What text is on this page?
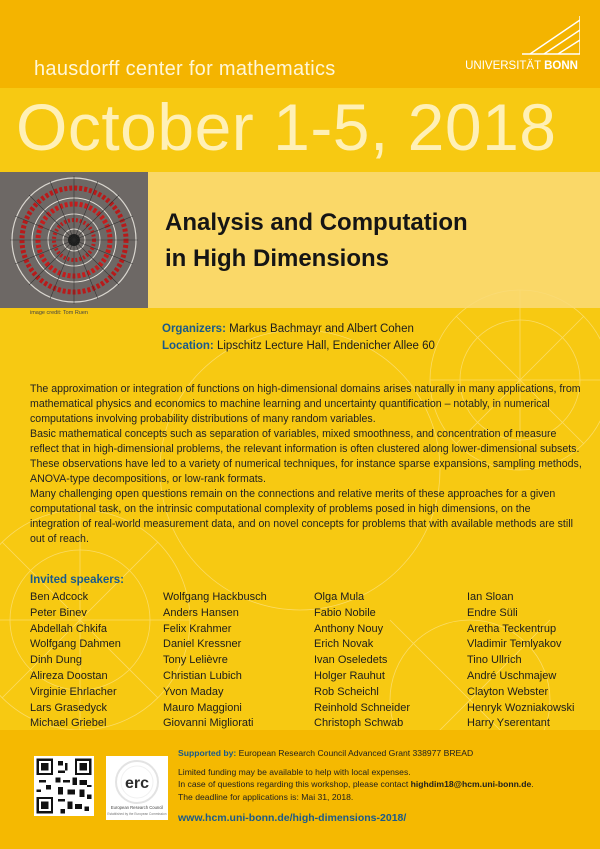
hausdorff center for mathematics	UNIVERSITÄT BONN
October 1-5, 2018
image credit: Tom Ruen
Analysis and Computation
in High Dimensions
Organizers: Markus Bachmayr and Albert Cohen
Location: Lipschitz Lecture Hall, Endenicher Allee 60

The approximation or integration of functions on high-dimensional domains arises naturally in many applications, from mathematical physics and economics to machine learning and uncertainty quantification – notably, in numerical computations involving probability distributions of many random variables.

Basic mathematical concepts such as separation of variables, mixed smoothness, and concentration of measure reflect that in high-dimensional problems, the relevant information is often clustered along lower-dimensional subsets. These observations have led to a variety of numerical techniques, for instance sparse expansions, sampling methods, ANOVA-type decompositions, or low-rank formats.

Many challenging open questions remain on the connections and relative merits of these approaches for a given computational task, on the intrinsic computational complexity of problems posed in high dimensions, on the integration of real-world measurement data, and on novel concepts for problems that with available methods are still out of reach.

Invited speakers:
Ben Adcock
Peter Binev
Abdellah Chkifa
Wolfgang Dahmen
Dinh Dung
Alireza Doostan
Virginie Ehrlacher
Lars Grasedyck
Michael Griebel
Wolfgang Hackbusch
Anders Hansen
Felix Krahmer
Daniel Kressner
Tony Lelièvre
Christian Lubich
Yvon Maday
Mauro Maggioni
Giovanni Migliorati
Olga Mula
Fabio Nobile
Anthony Nouy
Erich Novak
Ivan Oseledets
Holger Rauhut
Rob Scheichl
Reinhold Schneider
Christoph Schwab
Ian Sloan
Endre Süli
Aretha Teckentrup
Vladimir Temlyakov
Tino Ullrich
André Uschmajew
Clayton Webster
Henryk Wozniakowski
Harry Yserentant
erc
European Research Council
Established by the European Commission
Supported by: European Research Council Advanced Grant 338977 BREAD
Limited funding may be available to help with local expenses.
In case of questions regarding this workshop, please contact highdim18@hcm.uni-bonn.de.
The deadline for applications is: Mai 31, 2018.
www.hcm.uni-bonn.de/high-dimensions-2018/
